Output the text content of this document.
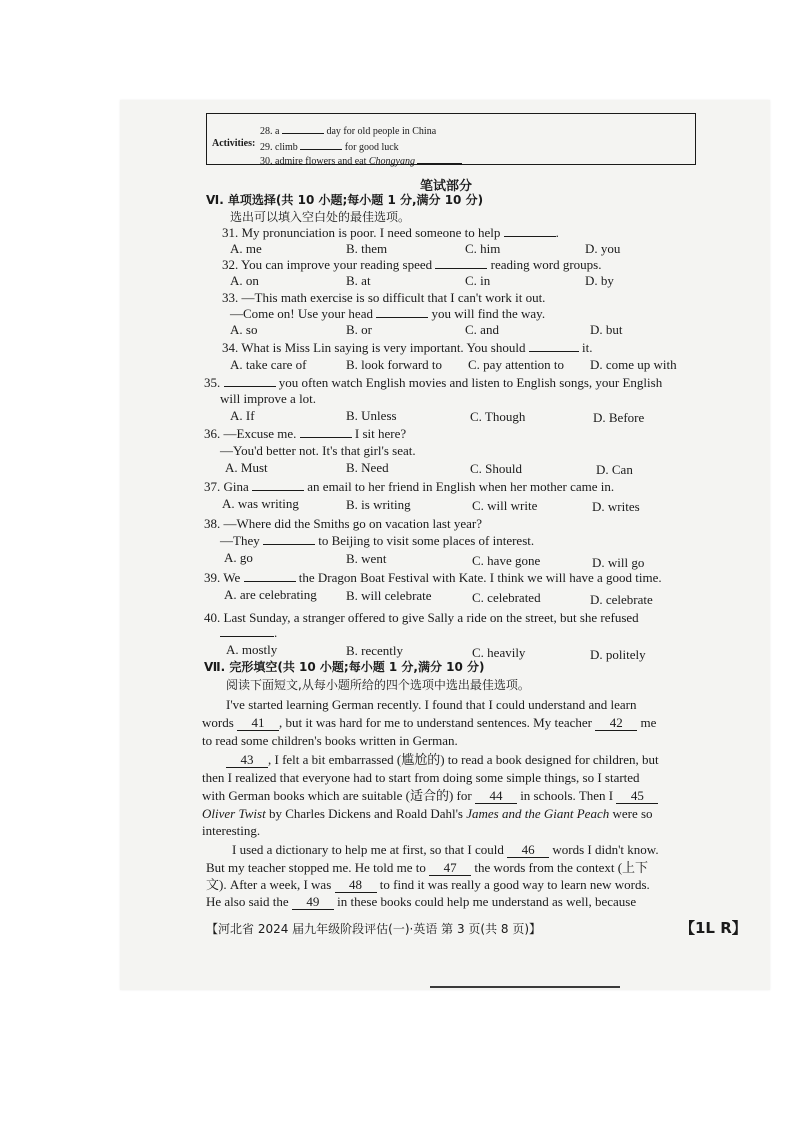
Activities:
28. a	day for old people in China
29. climb	for good luck
30. admire flowers and eat Chongyang
笔试部分
Ⅵ. 单项选择(共 10 小题;每小题 1 分,满分 10 分)
选出可以填入空白处的最佳选项。
31. My pronunciation is poor. I need someone to help	.
A. me	B. them	C. him	D. you
32. You can improve your reading speed	reading word groups.
A. on	B. at	C. in	D. by
33. —This math exercise is so difficult that I can't work it out.
—Come on! Use your head	you will find the way.
A. so	B. or	C. and	D. but
34. What is Miss Lin saying is very important. You should	it.
A. take care of	B. look forward to C. pay attention to D. come up with
35.	you often watch English movies and listen to English songs, your English
will improve a lot.
A. If	B. Unless	C. Though	D. Before
36. —Excuse me.	I sit here?
—You'd better not. It's that girl's seat.
A. Must	B. Need	C. Should	D. Can
37. Gina	an email to her friend in English when her mother came in.
A. was writing	B. is writing	C. will write	D. writes
38. —Where did the Smiths go on vacation last year?
—They	to Beijing to visit some places of interest.
A. go	B. went	C. have gone	D. will go
39. We	the Dragon Boat Festival with Kate. I think we will have a good time.
A. are celebrating B. will celebrate	C. celebrated	D. celebrate
40. Last Sunday, a stranger offered to give Sally a ride on the street, but she refused
.
A. mostly	B. recently	C. heavily	D. politely
Ⅶ. 完形填空(共 10 小题;每小题 1 分,满分 10 分)
阅读下面短文,从每小题所给的四个选项中选出最佳选项。
I've started learning German recently. I found that I could understand and learn
words 41 , but it was hard for me to understand sentences. My teacher 42 me
to read some children's books written in German.
43 , I felt a bit embarrassed (尴尬的) to read a book designed for children, but
then I realized that everyone had to start from doing some simple things, so I started
with German books which are suitable (适合的) for 44 in schools. Then I 45
Oliver Twist by Charles Dickens and Roald Dahl's James and the Giant Peach were so
interesting.
I used a dictionary to help me at first, so that I could 46 words I didn't know.
But my teacher stopped me. He told me to 47 the words from the context (上下
文). After a week, I was 48 to find it was really a good way to learn new words.
He also said the 49 in these books could help me understand as well, because
【河北省 2024 届九年级阶段评估(一)·英语 第 3 页(共 8 页)】	【1L R】
